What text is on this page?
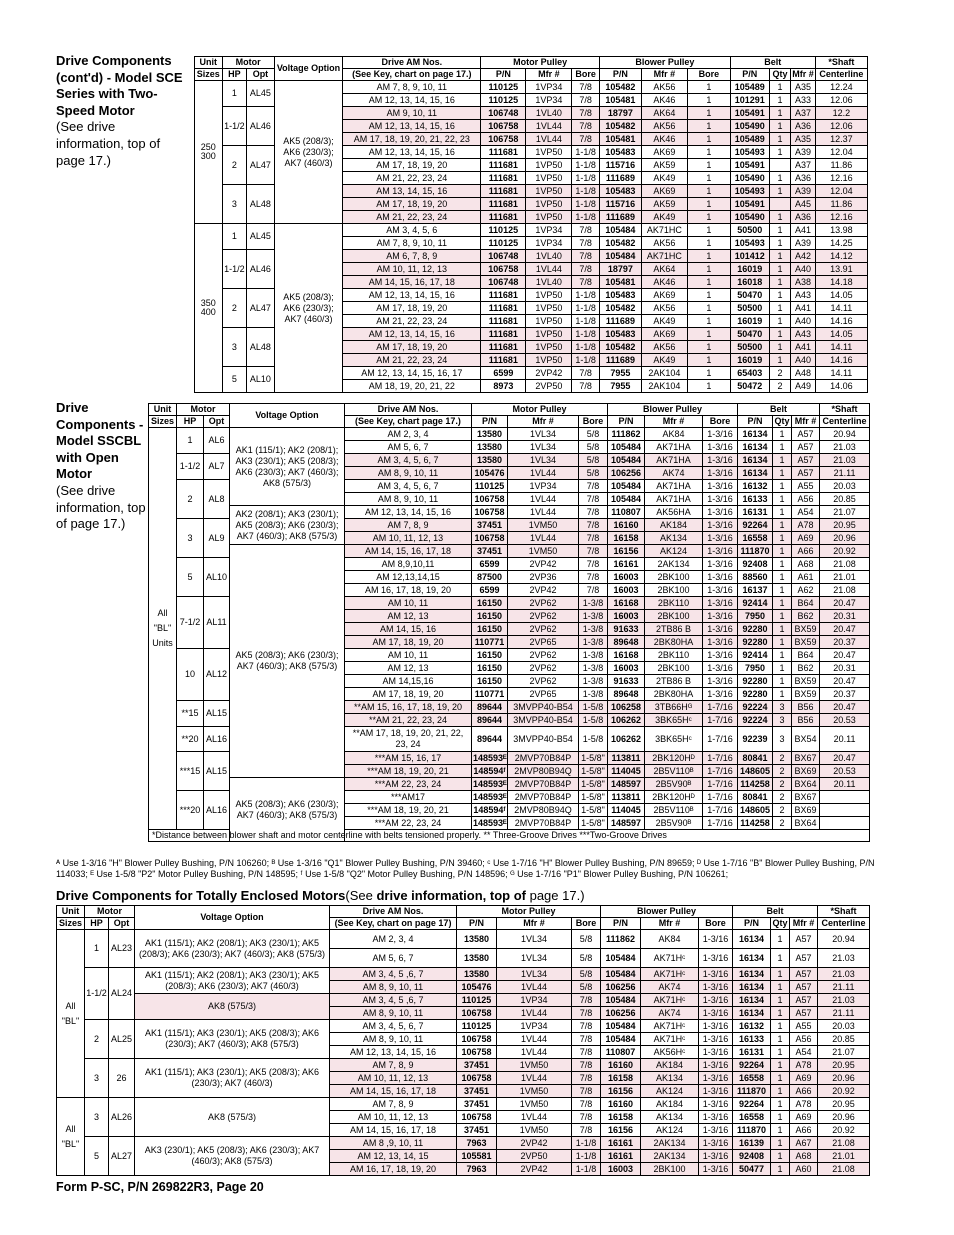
Drive Components (cont'd) - Model SCE Series with Two-Speed Motor
(See drive information, top of page 17.)
Unit	Motor		Voltage Option	Drive AM Nos.	Motor Pulley			Blower Pulley			Belt			*Shaft
Sizes	HP	Opt		(See Key, chart on page 17.)	P/N	Mfr #	Bore	P/N	Mfr #	Bore	P/N	Qty	Mfr #	Centerline
250
300	1	AL45	AK5 (208/3); AK6 (230/3); AK7 (460/3)	AM 7, 8, 9, 10, 11	110125	1VP34	7/8	105482	AK56	1	105489	1	A35	12.24
				AM 12, 13, 14, 15, 16	110125	1VP34	7/8	105481	AK46	1	101291	1	A33	12.06
	1-1/2	AL46		AM 9, 10, 11	106748	1VL40	7/8	18797	AK64	1	105491	1	A37	12.2
				AM 12, 13, 14, 15, 16	106758	1VL44	7/8	105482	AK56	1	105490	1	A36	12.06
				AM 17, 18, 19, 20, 21, 22, 23	106758	1VL44	7/8	105481	AK46	1	105489	1	A35	12.37
	2	AL47		AM 12, 13, 14, 15, 16	111681	1VP50	1-1/8	105483	AK69	1	105493	1	A39	12.04
				AM 17, 18, 19, 20	111681	1VP50	1-1/8	115716	AK59	1	105491		A37	11.86
				AM 21, 22, 23, 24	111681	1VP50	1-1/8	111689	AK49	1	105490	1	A36	12.16
	3	AL48		AM 13, 14, 15, 16	111681	1VP50	1-1/8	105483	AK69	1	105493	1	A39	12.04
				AM 17, 18, 19, 20	111681	1VP50	1-1/8	115716	AK59	1	105491		A45	11.86
				AM 21, 22, 23, 24	111681	1VP50	1-1/8	111689	AK49	1	105490	1	A36	12.16
350
400	1	AL45	AK5 (208/3); AK6 (230/3); AK7 (460/3)	AM 3, 4, 5, 6	110125	1VP34	7/8	105484	AK71HC	1	50500	1	A41	13.98
				AM 7, 8, 9, 10, 11	110125	1VP34	7/8	105482	AK56	1	105493	1	A39	14.25
	1-1/2	AL46		AM 6, 7, 8, 9	106748	1VL40	7/8	105484	AK71HC	1	101412	1	A42	14.12
				AM 10, 11, 12, 13	106758	1VL44	7/8	18797	AK64	1	16019	1	A40	13.91
				AM 14, 15, 16, 17, 18	106748	1VL40	7/8	105481	AK46	1	16018	1	A38	14.18
	2	AL47		AM 12, 13, 14, 15, 16	111681	1VP50	1-1/8	105483	AK69	1	50470	1	A43	14.05
				AM 17, 18, 19, 20	111681	1VP50	1-1/8	105482	AK56	1	50500	1	A41	14.11
				AM 21, 22, 23, 24	111681	1VP50	1-1/8	111689	AK49	1	16019	1	A40	14.16
	3	AL48		AM 12, 13, 14, 15, 16	111681	1VP50	1-1/8	105483	AK69	1	50470	1	A43	14.05
				AM 17, 18, 19, 20	111681	1VP50	1-1/8	105482	AK56	1	50500	1	A41	14.11
				AM 21, 22, 23, 24	111681	1VP50	1-1/8	111689	AK49	1	16019	1	A40	14.16
	5	AL10		AM 12, 13, 14, 15, 16, 17	6599	2VP42	7/8	7955	2AK104	1	65403	2	A48	14.11
				AM 18, 19, 20, 21, 22	8973	2VP50	7/8	7955	2AK104	1	50472	2	A49	14.06
Drive Components - Model SSCBL with Open Motor
(See drive information, top of page 17.)
Unit	Motor		Voltage Option	Drive AM Nos.	Motor Pulley			Blower Pulley			Belt			*Shaft
Sizes	HP	Opt		(See Key, chart page 17.)	P/N	Mfr #	Bore	P/N	Mfr #	Bore	P/N	Qty	Mfr #	Centerline
All
"BL"
Units	1	AL6	AK1 (115/1); AK2 (208/1); AK3 (230/1); AK5 (208/3); AK6 (230/3); AK7 (460/3); AK8 (575/3)	AM 2, 3, 4	13580	1VL34	5/8	111862	AK84	1-3/16	16134	1	A57	20.94
				AM 5, 6, 7	13580	1VL34	5/8	105484	AK71HA	1-3/16	16134	1	A57	21.03
	1-1/2	AL7		AM 3, 4, 5, 6, 7	13580	1VL34	5/8	105484	AK71HA	1-3/16	16134	1	A57	21.03
				AM 8, 9, 10, 11	105476	1VL44	5/8	106256	AK74	1-3/16	16134	1	A57	21.11
	2	AL8		AM 3, 4, 5, 6, 7	110125	1VP34	7/8	105484	AK71HA	1-3/16	16132	1	A55	20.03
				AM 8, 9, 10, 11	106758	1VL44	7/8	105484	AK71HA	1-3/16	16133	1	A56	20.85
			AK2 (208/1); AK3 (230/1); AK5 (208/3); AK6 (230/3); AK7 (460/3); AK8 (575/3)	AM 12, 13, 14, 15, 16	106758	1VL44	7/8	110807	AK56HA	1-3/16	16131	1	A54	21.07
	3	AL9		AM 7, 8, 9	37451	1VM50	7/8	16160	AK184	1-3/16	92264	1	A78	20.95
				AM 10, 11, 12, 13	106758	1VL44	7/8	16158	AK134	1-3/16	16558	1	A69	20.96
			AK5 (208/3); AK6 (230/3); AK7 (460/3); AK8 (575/3)	AM 14, 15, 16, 17, 18	37451	1VM50	7/8	16156	AK124	1-3/16	111870	1	A66	20.92
	5	AL10		AM 8,9,10,11	6599	2VP42	7/8	16161	2AK134	1-3/16	92408	1	A68	21.08
				AM 12,13,14,15	87500	2VP36	7/8	16003	2BK100	1-3/16	88560	1	A61	21.01
				AM 16, 17, 18, 19, 20	6599	2VP42	7/8	16003	2BK100	1-3/16	16137	1	A62	21.08
	7-1/2	AL11		AM 10, 11	16150	2VP62	1-3/8	16168	2BK110	1-3/16	92414	1	B64	20.47
				AM 12, 13	16150	2VP62	1-3/8	16003	2BK100	1-3/16	7950	1	B62	20.31
				AM 14, 15, 16	16150	2VP62	1-3/8	91633	2TB86 B	1-3/16	92280	1	BX59	20.47
				AM 17, 18, 19, 20	110771	2VP65	1-3/8	89648	2BK80HA	1-3/16	92280	1	BX59	20.37
	10	AL12		AM 10, 11	16150	2VP62	1-3/8	16168	2BK110	1-3/16	92414	1	B64	20.47
				AM 12, 13	16150	2VP62	1-3/8	16003	2BK100	1-3/16	7950	1	B62	20.31
				AM 14,15,16	16150	2VP62	1-3/8	91633	2TB86 B	1-3/16	92280	1	BX59	20.47
				AM 17, 18, 19, 20	110771	2VP65	1-3/8	89648	2BK80HA	1-3/16	92280	1	BX59	20.37
	**15	AL15		**AM 15, 16, 17, 18, 19, 20	89644	3MVPP40-B54	1-5/8	106258	3TB66Hᴳ	1-7/16	92224	3	B56	20.47
				**AM 21, 22, 23, 24	89644	3MVPP40-B54	1-5/8	106262	3BK65Hᶜ	1-7/16	92224	3	B56	20.53
	**20	AL16		**AM 17, 18, 19, 20, 21, 22, 23, 24	89644	3MVPP40-B54	1-5/8	106262	3BK65Hᶜ	1-7/16	92239	3	BX54	20.11
	***15	AL15		***AM 15, 16, 17	148593ᴱ	2MVP70B84P	1-5/8"	113811	2BK120Hᴰ	1-7/16	80841	2	BX67	20.47
				***AM 18, 19, 20, 21	148594ᶠ	2MVP80B94Q	1-5/8"	114045	2B5V110ᴮ	1-7/16	148605	2	BX69	20.53
			AK5 (208/3); AK6 (230/3); AK7 (460/3); AK8 (575/3)	***AM 22, 23, 24	148593ᴱ	2MVP70B84P	1-5/8"	148597	2B5V90ᴮ	1-7/16	114258	2	BX64	20.11
	***20	AL16		***AM17	148593ᴱ	2MVP70B84P	1-5/8"	113811	2BK120Hᴰ	1-7/16	80841	2	BX67	
				***AM 18, 19, 20, 21	148594ᶠ	2MVP80B94Q	1-5/8"	114045	2B5V110ᴮ	1-7/16	148605	2	BX69	
				***AM 22, 23, 24	148593ᴱ	2MVP70B84P	1-5/8"	148597	2B5V90ᴮ	1-7/16	114258	2	BX64	
*Distance between blower shaft and motor centerline with belts tensioned properly. ** Three-Groove Drives ***Two-Groove Drives														
ᴬ Use 1-3/16 "H" Blower Pulley Bushing, P/N 106260; ᴮ Use 1-3/16 "Q1" Blower Pulley Bushing, P/N 39460; ᶜ Use 1-7/16 "H" Blower Pulley Bushing, P/N 89659; ᴰ Use 1-7/16 "B" Blower Pulley Bushing, P/N 114033; ᴱ Use 1-5/8 "P2" Motor Pulley Bushing, P/N 148595; ᶠ Use 1-5/8 "Q2" Motor Pulley Bushing, P/N 148596; ᴳ Use 1-7/16 "P1" Blower Pulley Bushing, P/N 106261;
Drive Components for Totally Enclosed Motors(See drive information, top of page 17.)
Unit	Motor		Voltage Option	Drive AM Nos.	Motor Pulley			Blower Pulley			Belt			*Shaft
Sizes	HP	Opt		(See Key, chart on page 17)	P/N	Mfr #	Bore	P/N	Mfr #	Bore	P/N	Qty	Mfr #	Centerline
All
"BL"	1	AL23	AK1 (115/1); AK2 (208/1); AK3 (230/1); AK5 (208/3); AK6 (230/3); AK7 (460/3); AK8 (575/3)	AM 2, 3, 4	13580	1VL34	5/8	111862	AK84	1-3/16	16134	1	A57	20.94
				AM 5, 6, 7	13580	1VL34	5/8	105484	AK71Hᶜ	1-3/16	16134	1	A57	21.03
	1-1/2	AL24	AK1 (115/1); AK2 (208/1); AK3 (230/1); AK5 (208/3); AK6 (230/3); AK7 (460/3)	AM 3, 4, 5 ,6, 7	13580	1VL34	5/8	105484	AK71Hᶜ	1-3/16	16134	1	A57	21.03
				AM 8, 9, 10, 11	105476	1VL44	5/8	106256	AK74	1-3/16	16134	1	A57	21.11
			AK8 (575/3)	AM 3, 4, 5 ,6, 7	110125	1VP34	7/8	105484	AK71Hᶜ	1-3/16	16134	1	A57	21.03
				AM 8, 9, 10, 11	106758	1VL44	7/8	106256	AK74	1-3/16	16134	1	A57	21.11
	2	AL25	AK1 (115/1); AK3 (230/1); AK5 (208/3); AK6 (230/3); AK7 (460/3); AK8 (575/3)	AM 3, 4, 5, 6, 7	110125	1VP34	7/8	105484	AK71Hᶜ	1-3/16	16132	1	A55	20.03
				AM 8, 9, 10, 11	106758	1VL44	7/8	105484	AK71Hᶜ	1-3/16	16133	1	A56	20.85
				AM 12, 13, 14, 15, 16	106758	1VL44	7/8	110807	AK56Hᶜ	1-3/16	16131	1	A54	21.07
	3	26	AK1 (115/1); AK3 (230/1); AK5 (208/3); AK6 (230/3); AK7 (460/3)	AM 7, 8, 9	37451	1VM50	7/8	16160	AK184	1-3/16	92264	1	A78	20.95
				AM 10, 11, 12, 13	106758	1VL44	7/8	16158	AK134	1-3/16	16558	1	A69	20.96
				AM 14, 15, 16, 17, 18	37451	1VM50	7/8	16156	AK124	1-3/16	111870	1	A66	20.92
All
"BL"	3	AL26	AK8 (575/3)	AM 7, 8, 9	37451	1VM50	7/8	16160	AK184	1-3/16	92264	1	A78	20.95
				AM 10, 11, 12, 13	106758	1VL44	7/8	16158	AK134	1-3/16	16558	1	A69	20.96
				AM 14, 15, 16, 17, 18	37451	1VM50	7/8	16156	AK124	1-3/16	111870	1	A66	20.92
	5	AL27	AK3 (230/1); AK5 (208/3); AK6 (230/3); AK7 (460/3); AK8 (575/3)	AM 8 ,9, 10, 11	7963	2VP42	1-1/8	16161	2AK134	1-3/16	16139	1	A67	21.08
				AM 12, 13, 14, 15	105581	2VP50	1-1/8	16161	2AK134	1-3/16	92408	1	A68	21.01
				AM 16, 17, 18, 19, 20	7963	2VP42	1-1/8	16003	2BK100	1-3/16	50477	1	A60	21.08
Form P-SC, P/N 269822R3, Page 20
